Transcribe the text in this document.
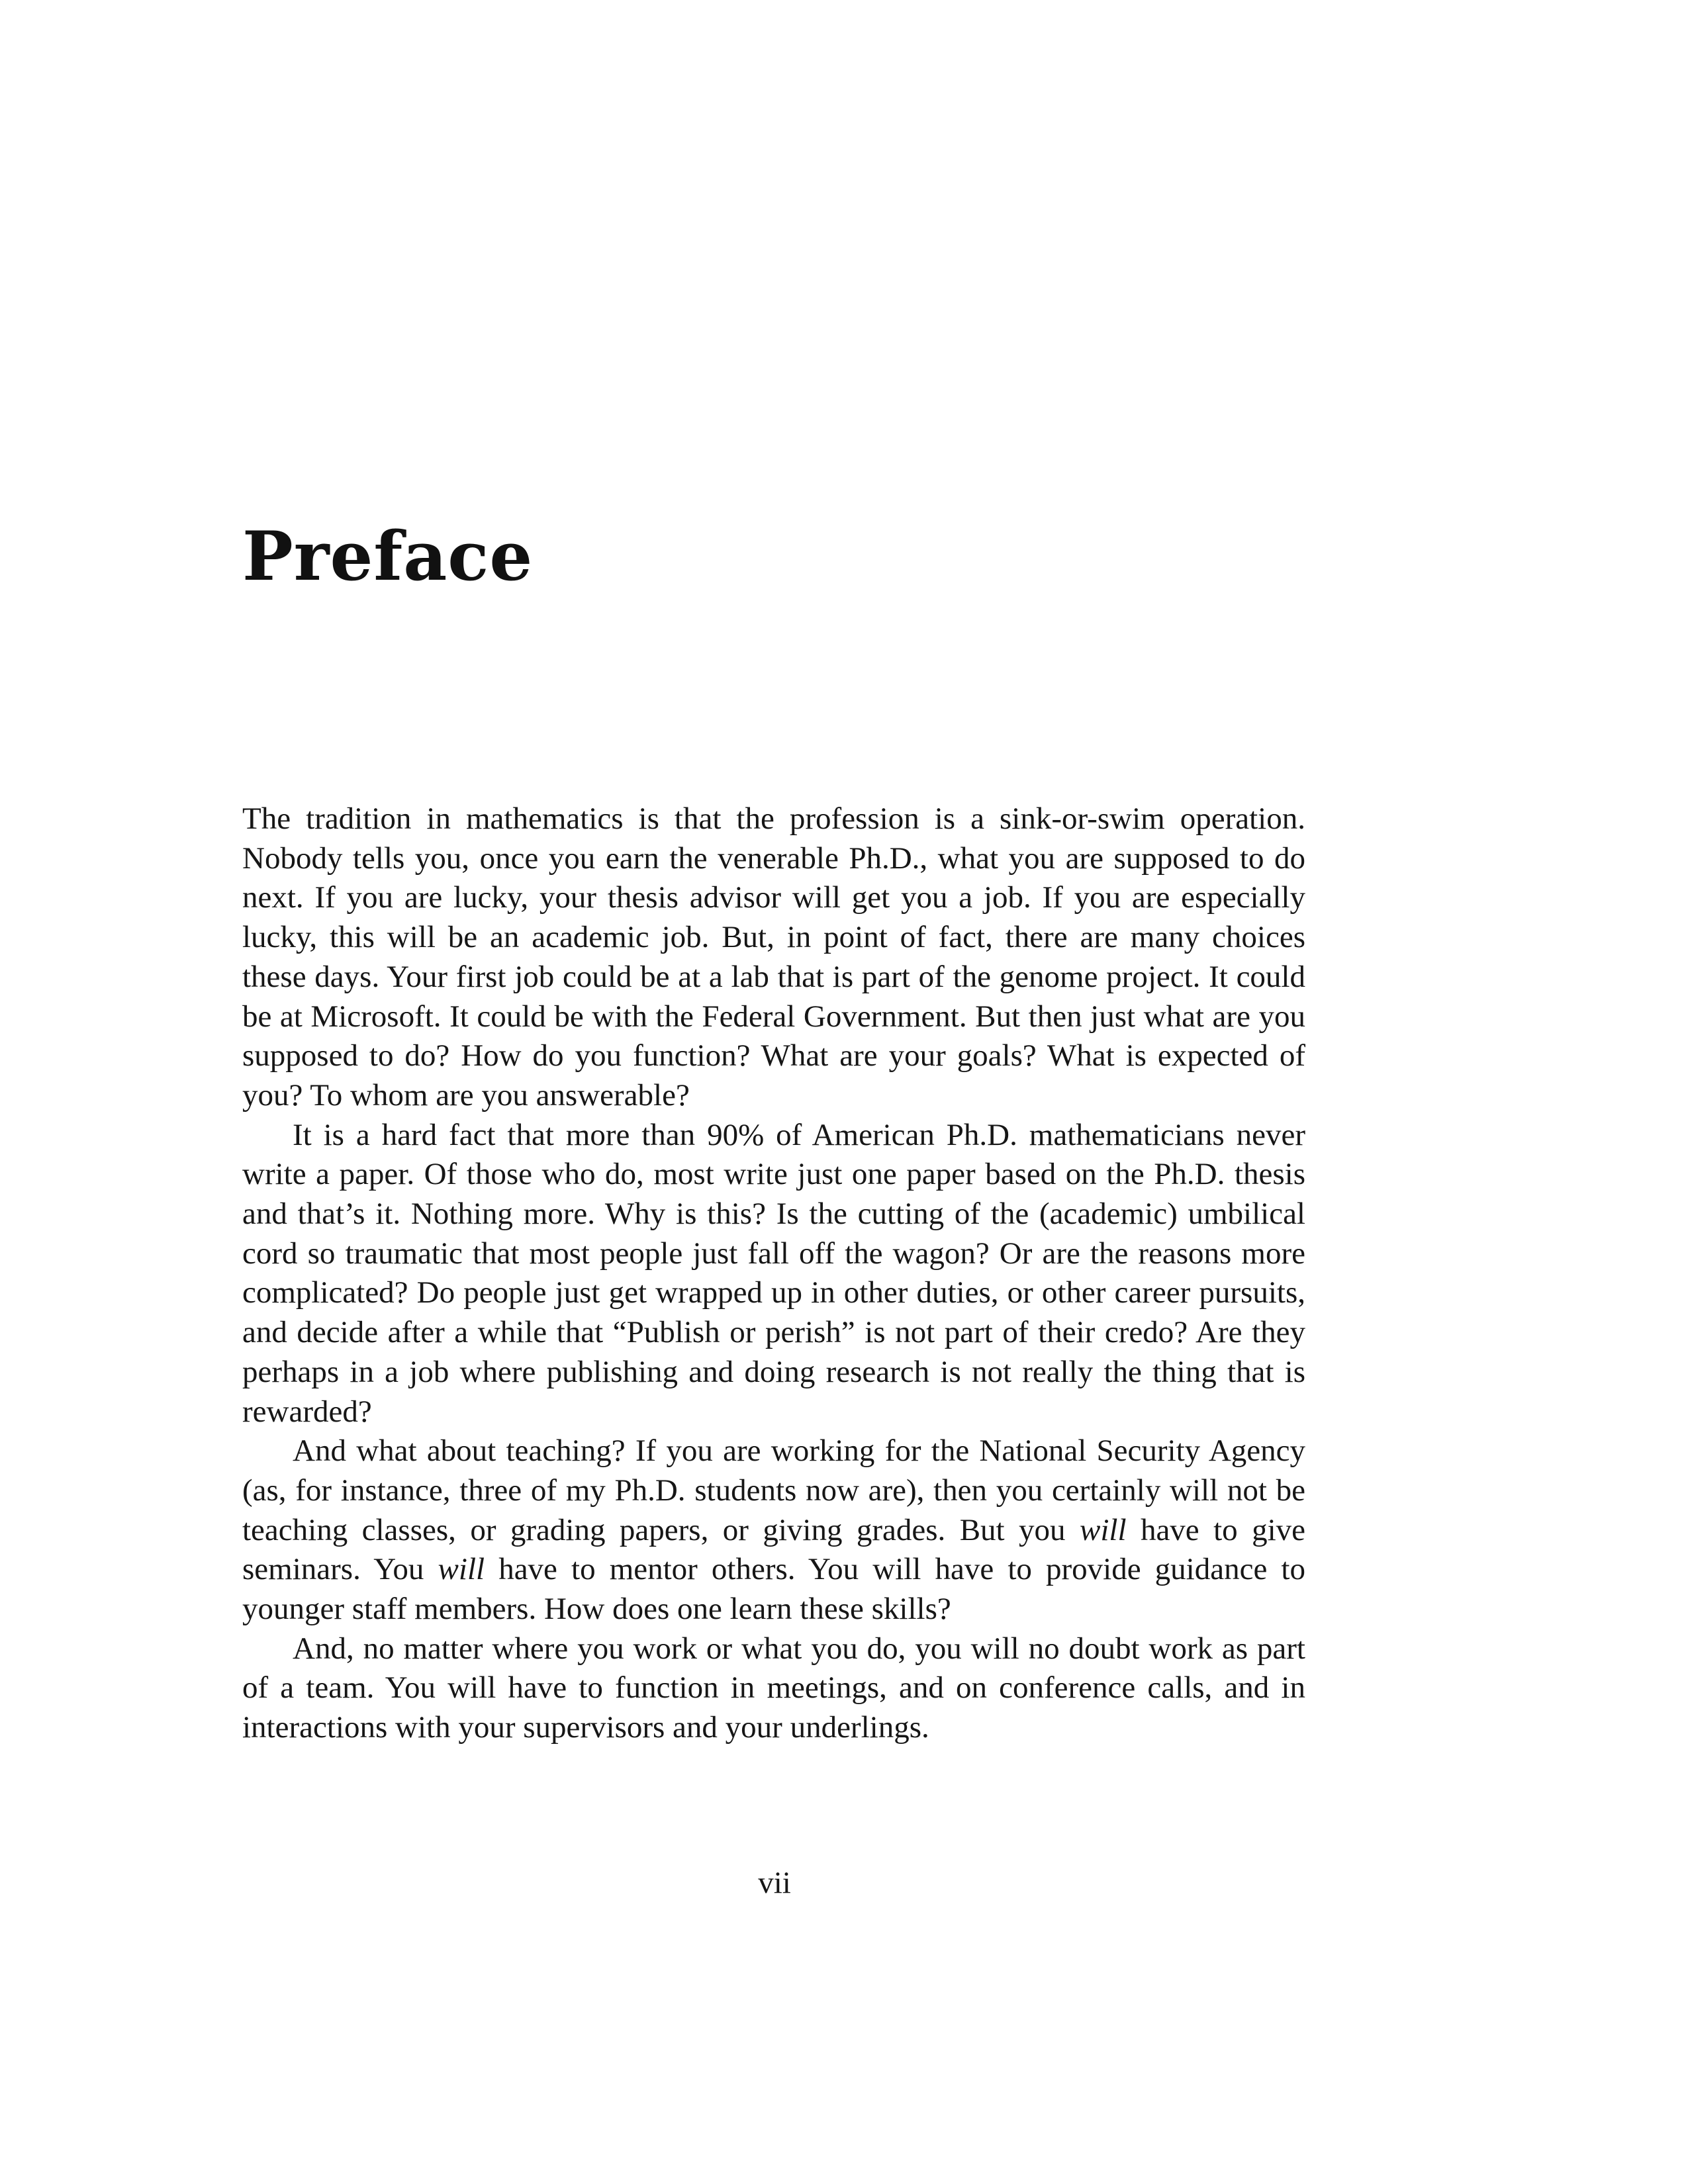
Preface

The tradition in mathematics is that the profession is a sink-or-swim operation. Nobody tells you, once you earn the venerable Ph.D., what you are supposed to do next. If you are lucky, your thesis advisor will get you a job. If you are especially lucky, this will be an academic job. But, in point of fact, there are many choices these days. Your first job could be at a lab that is part of the genome project. It could be at Microsoft. It could be with the Federal Government. But then just what are you supposed to do? How do you function? What are your goals? What is expected of you? To whom are you answerable?

It is a hard fact that more than 90% of American Ph.D. mathematicians never write a paper. Of those who do, most write just one paper based on the Ph.D. thesis and that’s it. Nothing more. Why is this? Is the cutting of the (academic) umbilical cord so traumatic that most people just fall off the wagon? Or are the reasons more complicated? Do people just get wrapped up in other duties, or other career pursuits, and decide after a while that “Publish or perish” is not part of their credo? Are they perhaps in a job where publishing and doing research is not really the thing that is rewarded?

And what about teaching? If you are working for the National Security Agency (as, for instance, three of my Ph.D. students now are), then you certainly will not be teaching classes, or grading papers, or giving grades. But you will have to give seminars. You will have to mentor others. You will have to provide guidance to younger staff members. How does one learn these skills?

And, no matter where you work or what you do, you will no doubt work as part of a team. You will have to function in meetings, and on conference calls, and in interactions with your supervisors and your underlings.

vii
